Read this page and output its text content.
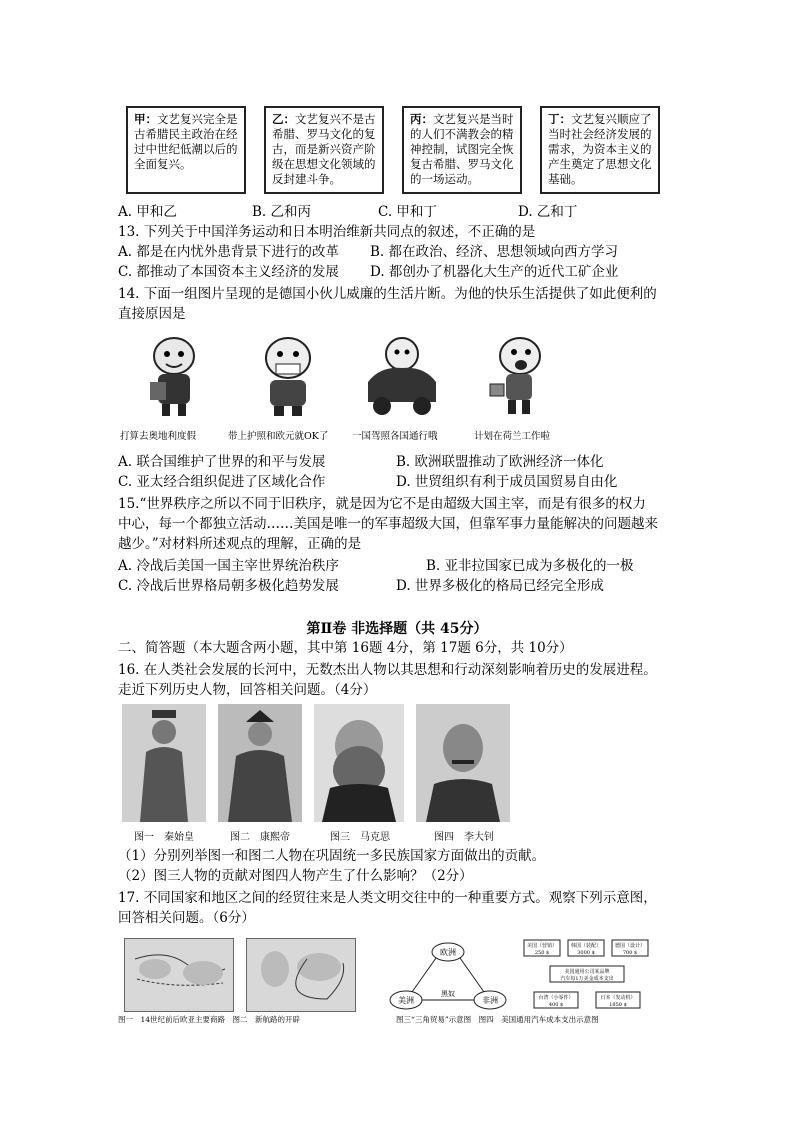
甲：文艺复兴完全是古希腊民主政治在经过中世纪低潮以后的全面复兴。
乙：文艺复兴不是古希腊、罗马文化的复古，而是新兴资产阶级在思想文化领域的反封建斗争。
丙：文艺复兴是当时的人们不满教会的精神控制，试图完全恢复古希腊、罗马文化的一场运动。
丁：文艺复兴顺应了当时社会经济发展的需求，为资本主义的产生奠定了思想文化基础。
A. 甲和乙	B. 乙和丙	C. 甲和丁	D. 乙和丁
13. 下列关于中国洋务运动和日本明治维新共同点的叙述，不正确的是
A. 都是在内忧外患背景下进行的改革 B. 都在政治、经济、思想领域向西方学习
C. 都推动了本国资本主义经济的发展 D. 都创办了机器化大生产的近代工矿企业
14. 下面一组图片呈现的是德国小伙儿威廉的生活片断。为他的快乐生活提供了如此便利的
直接原因是
打算去奥地利度假	带上护照和欧元就OK了 一国驾照各国通行哦	计划在荷兰工作啦
A. 联合国维护了世界的和平与发展	B. 欧洲联盟推动了欧洲经济一体化
C. 亚太经合组织促进了区域化合作	D. 世贸组织有利于成员国贸易自由化
15.“世界秩序之所以不同于旧秩序，就是因为它不是由超级大国主宰，而是有很多的权力
中心，每一个都独立活动……美国是唯一的军事超级大国，但靠军事力量能解决的问题越来
越少。”对材料所述观点的理解，正确的是
A. 冷战后美国一国主宰世界统治秩序	B. 亚非拉国家已成为多极化的一极
C. 冷战后世界格局朝多极化趋势发展	D. 世界多极化的格局已经完全形成
第Ⅱ卷 非选择题（共 45分）
二、简答题（本大题含两小题，其中第 16题 4分，第 17题 6分，共 10分）
16. 在人类社会发展的长河中，无数杰出人物以其思想和行动深刻影响着历史的发展进程。
走近下列历史人物，回答相关问题。（4分）
图一　秦始皇	图二　康熙帝	图三　马克思	图四　李大钊
（1）分别列举图一和图二人物在巩固统一多民族国家方面做出的贡献。
（2）图三人物的贡献对图四人物产生了什么影响？（2分）
17. 不同国家和地区之间的经贸往来是人类文明交往中的一种重要方式。观察下列示意图，
回答相关问题。（6分）
图一　14世纪前后欧亚主要商路　图二　新航路的开辟
欧洲
美洲	非洲
黑奴
美国（营销）
250 $
韩国（装配）
3000 $
德国（设计）
700 $
美国通用公司某品牌
汽车每1万美金成本支出
台湾（小零件）
400 $
日本（发动机）
1850 $
图三“三角贸易”示意图　图四　美国通用汽车成本支出示意图
